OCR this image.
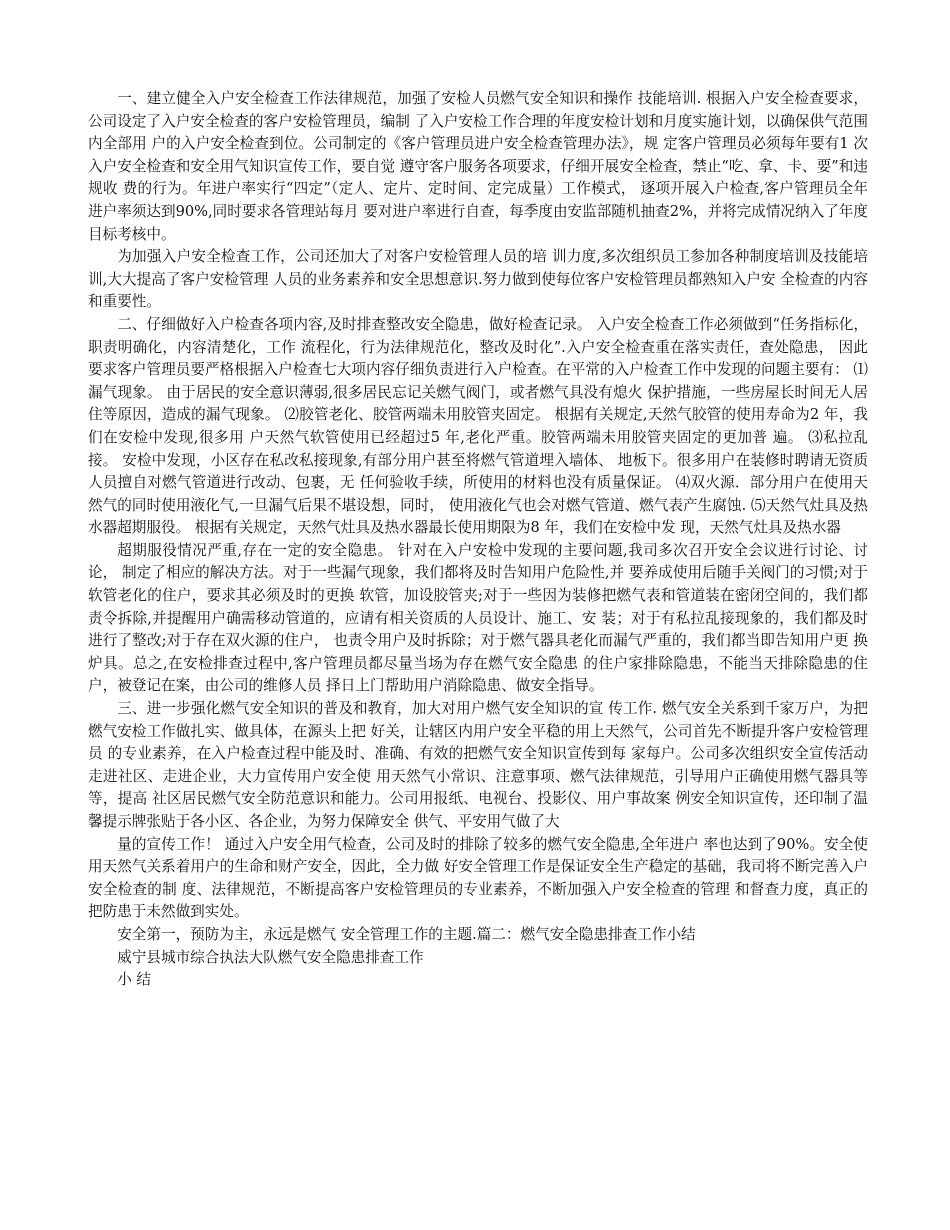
一、建立健全入户安全检查工作法律规范，加强了安检人员燃气安全知识和操作 技能培训. 根据入户安全检查要求，公司设定了入户安全检查的客户安检管理员，编制 了入户安检工作合理的年度安检计划和月度实施计划，以确保供气范围内全部用 户的入户安全检查到位。公司制定的《客户管理员进户安全检查管理办法》，规 定客户管理员必须每年要有1 次入户安全检查和安全用气知识宣传工作，要自觉 遵守客户服务各项要求，仔细开展安全检查，禁止“吃、拿、卡、要”和违规收 费的行为。年进户率实行“四定”（定人、定片、定时间、定完成量）工作模式， 逐项开展入户检查,客户管理员全年进户率须达到90%,同时要求各管理站每月 要对进户率进行自查，每季度由安监部随机抽查2%，并将完成情况纳入了年度目标考核中。

为加强入户安全检查工作，公司还加大了对客户安检管理人员的培 训力度,多次组织员工参加各种制度培训及技能培训,大大提高了客户安检管理 人员的业务素养和安全思想意识.努力做到使每位客户安检管理员都熟知入户安 全检查的内容和重要性。

二、仔细做好入户检查各项内容,及时排查整改安全隐患，做好检查记录。 入户安全检查工作必须做到“任务指标化，职责明确化，内容清楚化，工作 流程化，行为法律规范化，整改及时化”.入户安全检查重在落实责任，查处隐患， 因此要求客户管理员要严格根据入户检查七大项内容仔细负责进行入户检查。在平常的入户检查工作中发现的问题主要有： ⑴漏气现象。 由于居民的安全意识薄弱,很多居民忘记关燃气阀门，或者燃气具没有熄火 保护措施，一些房屋长时间无人居住等原因，造成的漏气现象。 ⑵胶管老化、胶管两端未用胶管夹固定。 根据有关规定,天然气胶管的使用寿命为2 年，我们在安检中发现,很多用 户天然气软管使用已经超过5 年,老化严重。胶管两端未用胶管夹固定的更加普 遍。 ⑶私拉乱接。 安检中发现，小区存在私改私接现象,有部分用户甚至将燃气管道埋入墙体、 地板下。很多用户在装修时聘请无资质人员擅自对燃气管道进行改动、包裹，无 任何验收手续，所使用的材料也没有质量保证。 ⑷双火源．部分用户在使用天然气的同时使用液化气,一旦漏气后果不堪设想，同时， 使用液化气也会对燃气管道、燃气表产生腐蚀. ⑸天然气灶具及热水器超期服役。 根据有关规定，天然气灶具及热水器最长使用期限为8 年，我们在安检中发 现，天然气灶具及热水器

超期服役情况严重,存在一定的安全隐患。 针对在入户安检中发现的主要问题,我司多次召开安全会议进行讨论、讨论， 制定了相应的解决方法。对于一些漏气现象，我们都将及时告知用户危险性,并 要养成使用后随手关阀门的习惯;对于软管老化的住户，要求其必须及时的更换 软管，加设胶管夹;对于一些因为装修把燃气表和管道装在密闭空间的，我们都 责令拆除,并提醒用户确需移动管道的，应请有相关资质的人员设计、施工、安 装；对于有私拉乱接现象的，我们都及时进行了整改;对于存在双火源的住户， 也责令用户及时拆除；对于燃气器具老化而漏气严重的，我们都当即告知用户更 换炉具。总之,在安检排查过程中,客户管理员都尽量当场为存在燃气安全隐患 的住户家排除隐患，不能当天排除隐患的住户，被登记在案，由公司的维修人员 择日上门帮助用户消除隐患、做安全指导。

三、进一步强化燃气安全知识的普及和教育，加大对用户燃气安全知识的宣 传工作. 燃气安全关系到千家万户，为把燃气安检工作做扎实、做具体，在源头上把 好关，让辖区内用户安全平稳的用上天然气，公司首先不断提升客户安检管理员 的专业素养，在入户检查过程中能及时、准确、有效的把燃气安全知识宣传到每 家每户。公司多次组织安全宣传活动走进社区、走进企业，大力宣传用户安全使 用天然气小常识、注意事项、燃气法律规范，引导用户正确使用燃气器具等等，提高 社区居民燃气安全防范意识和能力。公司用报纸、电视台、投影仪、用户事故案 例安全知识宣传，还印制了温馨提示牌张贴于各小区、各企业，为努力保障安全 供气、平安用气做了大

量的宣传工作！ 通过入户安全用气检查，公司及时的排除了较多的燃气安全隐患,全年进户 率也达到了90%。安全使用天然气关系着用户的生命和财产安全，因此，全力做 好安全管理工作是保证安全生产稳定的基础，我司将不断完善入户安全检查的制 度、法律规范，不断提高客户安检管理员的专业素养，不断加强入户安全检查的管理 和督查力度，真正的把防患于未然做到实处。

安全第一，预防为主，永远是燃气 安全管理工作的主题.篇二：燃气安全隐患排查工作小结

威宁县城市综合执法大队燃气安全隐患排查工作

小 结
